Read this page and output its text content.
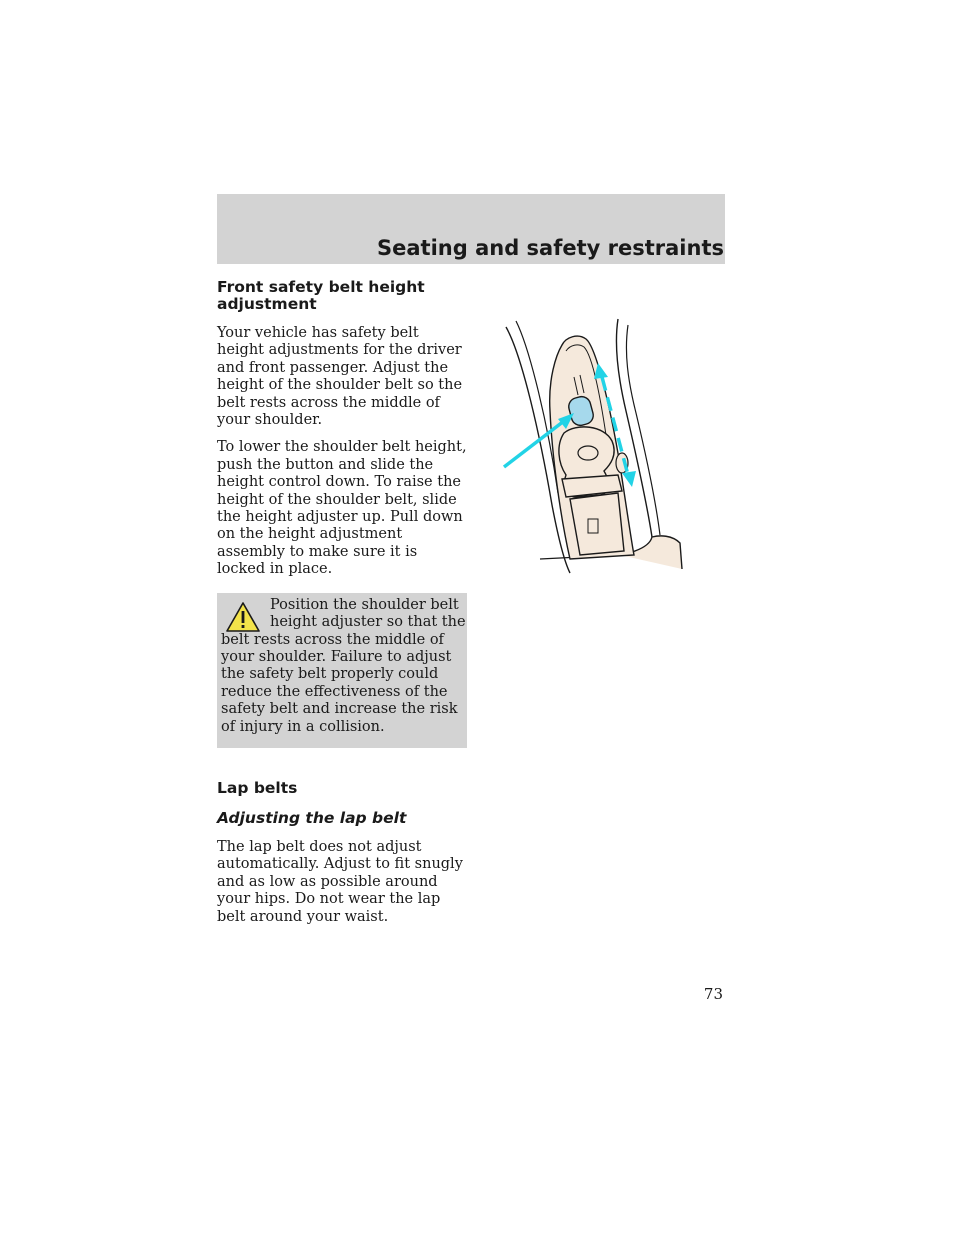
Seating and safety restraints
Front safety belt height
adjustment

Your vehicle has safety belt height adjustments for the driver and front passenger. Adjust the height of the shoulder belt so the belt rests across the middle of your shoulder.

To lower the shoulder belt height, push the button and slide the height control down. To raise the height of the shoulder belt, slide the height adjuster up. Pull down on the height adjustment assembly to make sure it is locked in place.

Position the shoulder belt
height adjuster so that the
belt rests across the middle of your shoulder. Failure to adjust the safety belt properly could reduce the effectiveness of the safety belt and increase the risk of injury in a collision.

Lap belts
Adjusting the lap belt

The lap belt does not adjust automatically. Adjust to fit snugly and as low as possible around your hips. Do not wear the lap belt around your waist.

73
